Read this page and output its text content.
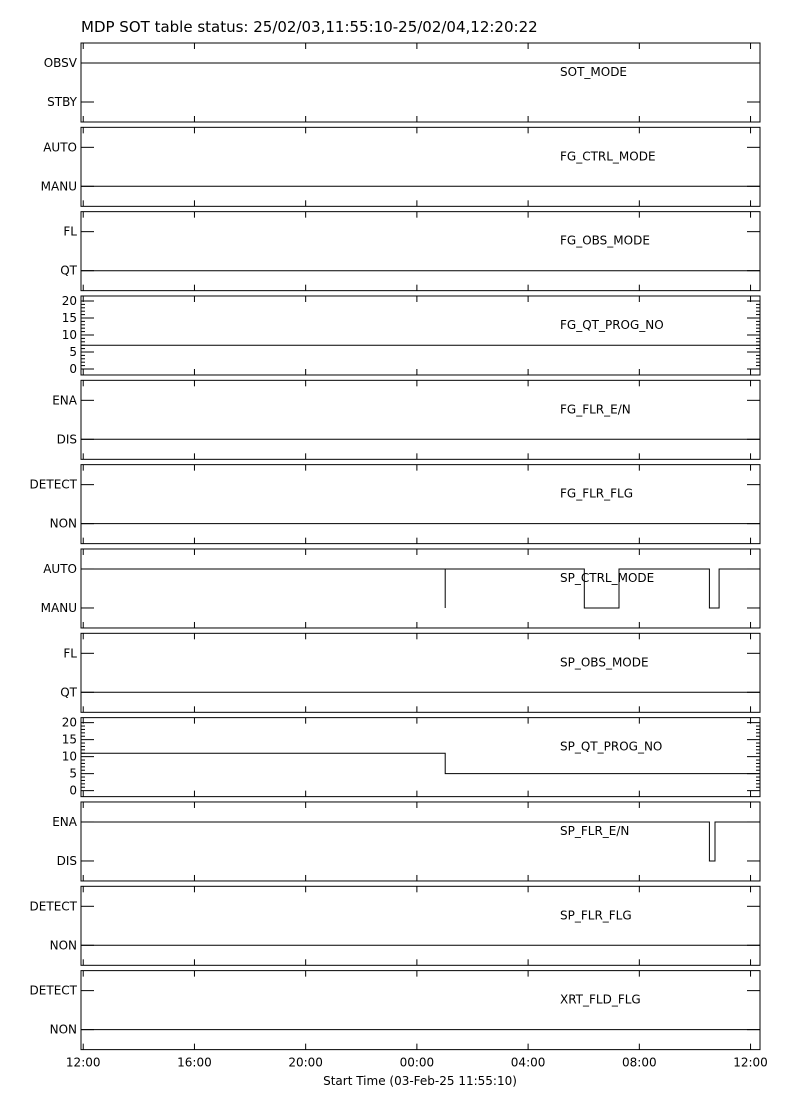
MDP SOT table status: 25/02/03,11:55:10-25/02/04,12:20:22
OBSV
STBY
SOT_MODE
AUTO
MANU
FG_CTRL_MODE
FL
QT
FG_OBS_MODE
20
15
10
5
0
FG_QT_PROG_NO
ENA
DIS
FG_FLR_E/N
DETECT
NON
FG_FLR_FLG
AUTO
MANU
SP_CTRL_MODE
FL
QT
SP_OBS_MODE
20
15
10
5
0
SP_QT_PROG_NO
ENA
DIS
SP_FLR_E/N
DETECT
NON
SP_FLR_FLG
DETECT
NON
XRT_FLD_FLG
12:00	16:00	20:00	00:00	04:00	08:00	12:00
Start Time (03-Feb-25 11:55:10)
